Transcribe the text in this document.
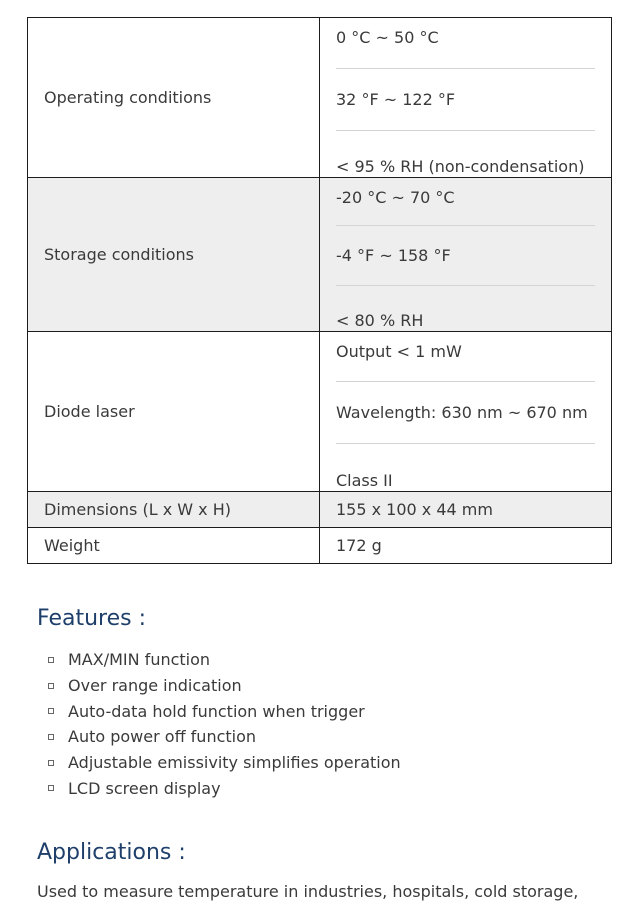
Operating conditions	0 °C ~ 50 °C
32 °F ~ 122 °F
< 95 % RH (non-condensation)

Storage conditions	-20 °C ~ 70 °C
-4 °F ~ 158 °F
< 80 % RH

Diode laser	Output < 1 mW
Wavelength: 630 nm ~ 670 nm
Class II

Dimensions (L x W x H)	155 x 100 x 44 mm
Weight	172 g
Features :
MAX/MIN function
Over range indication
Auto-data hold function when trigger
Auto power off function
Adjustable emissivity simplifies operation
LCD screen display
Applications :

Used to measure temperature in industries, hospitals, cold storage,
